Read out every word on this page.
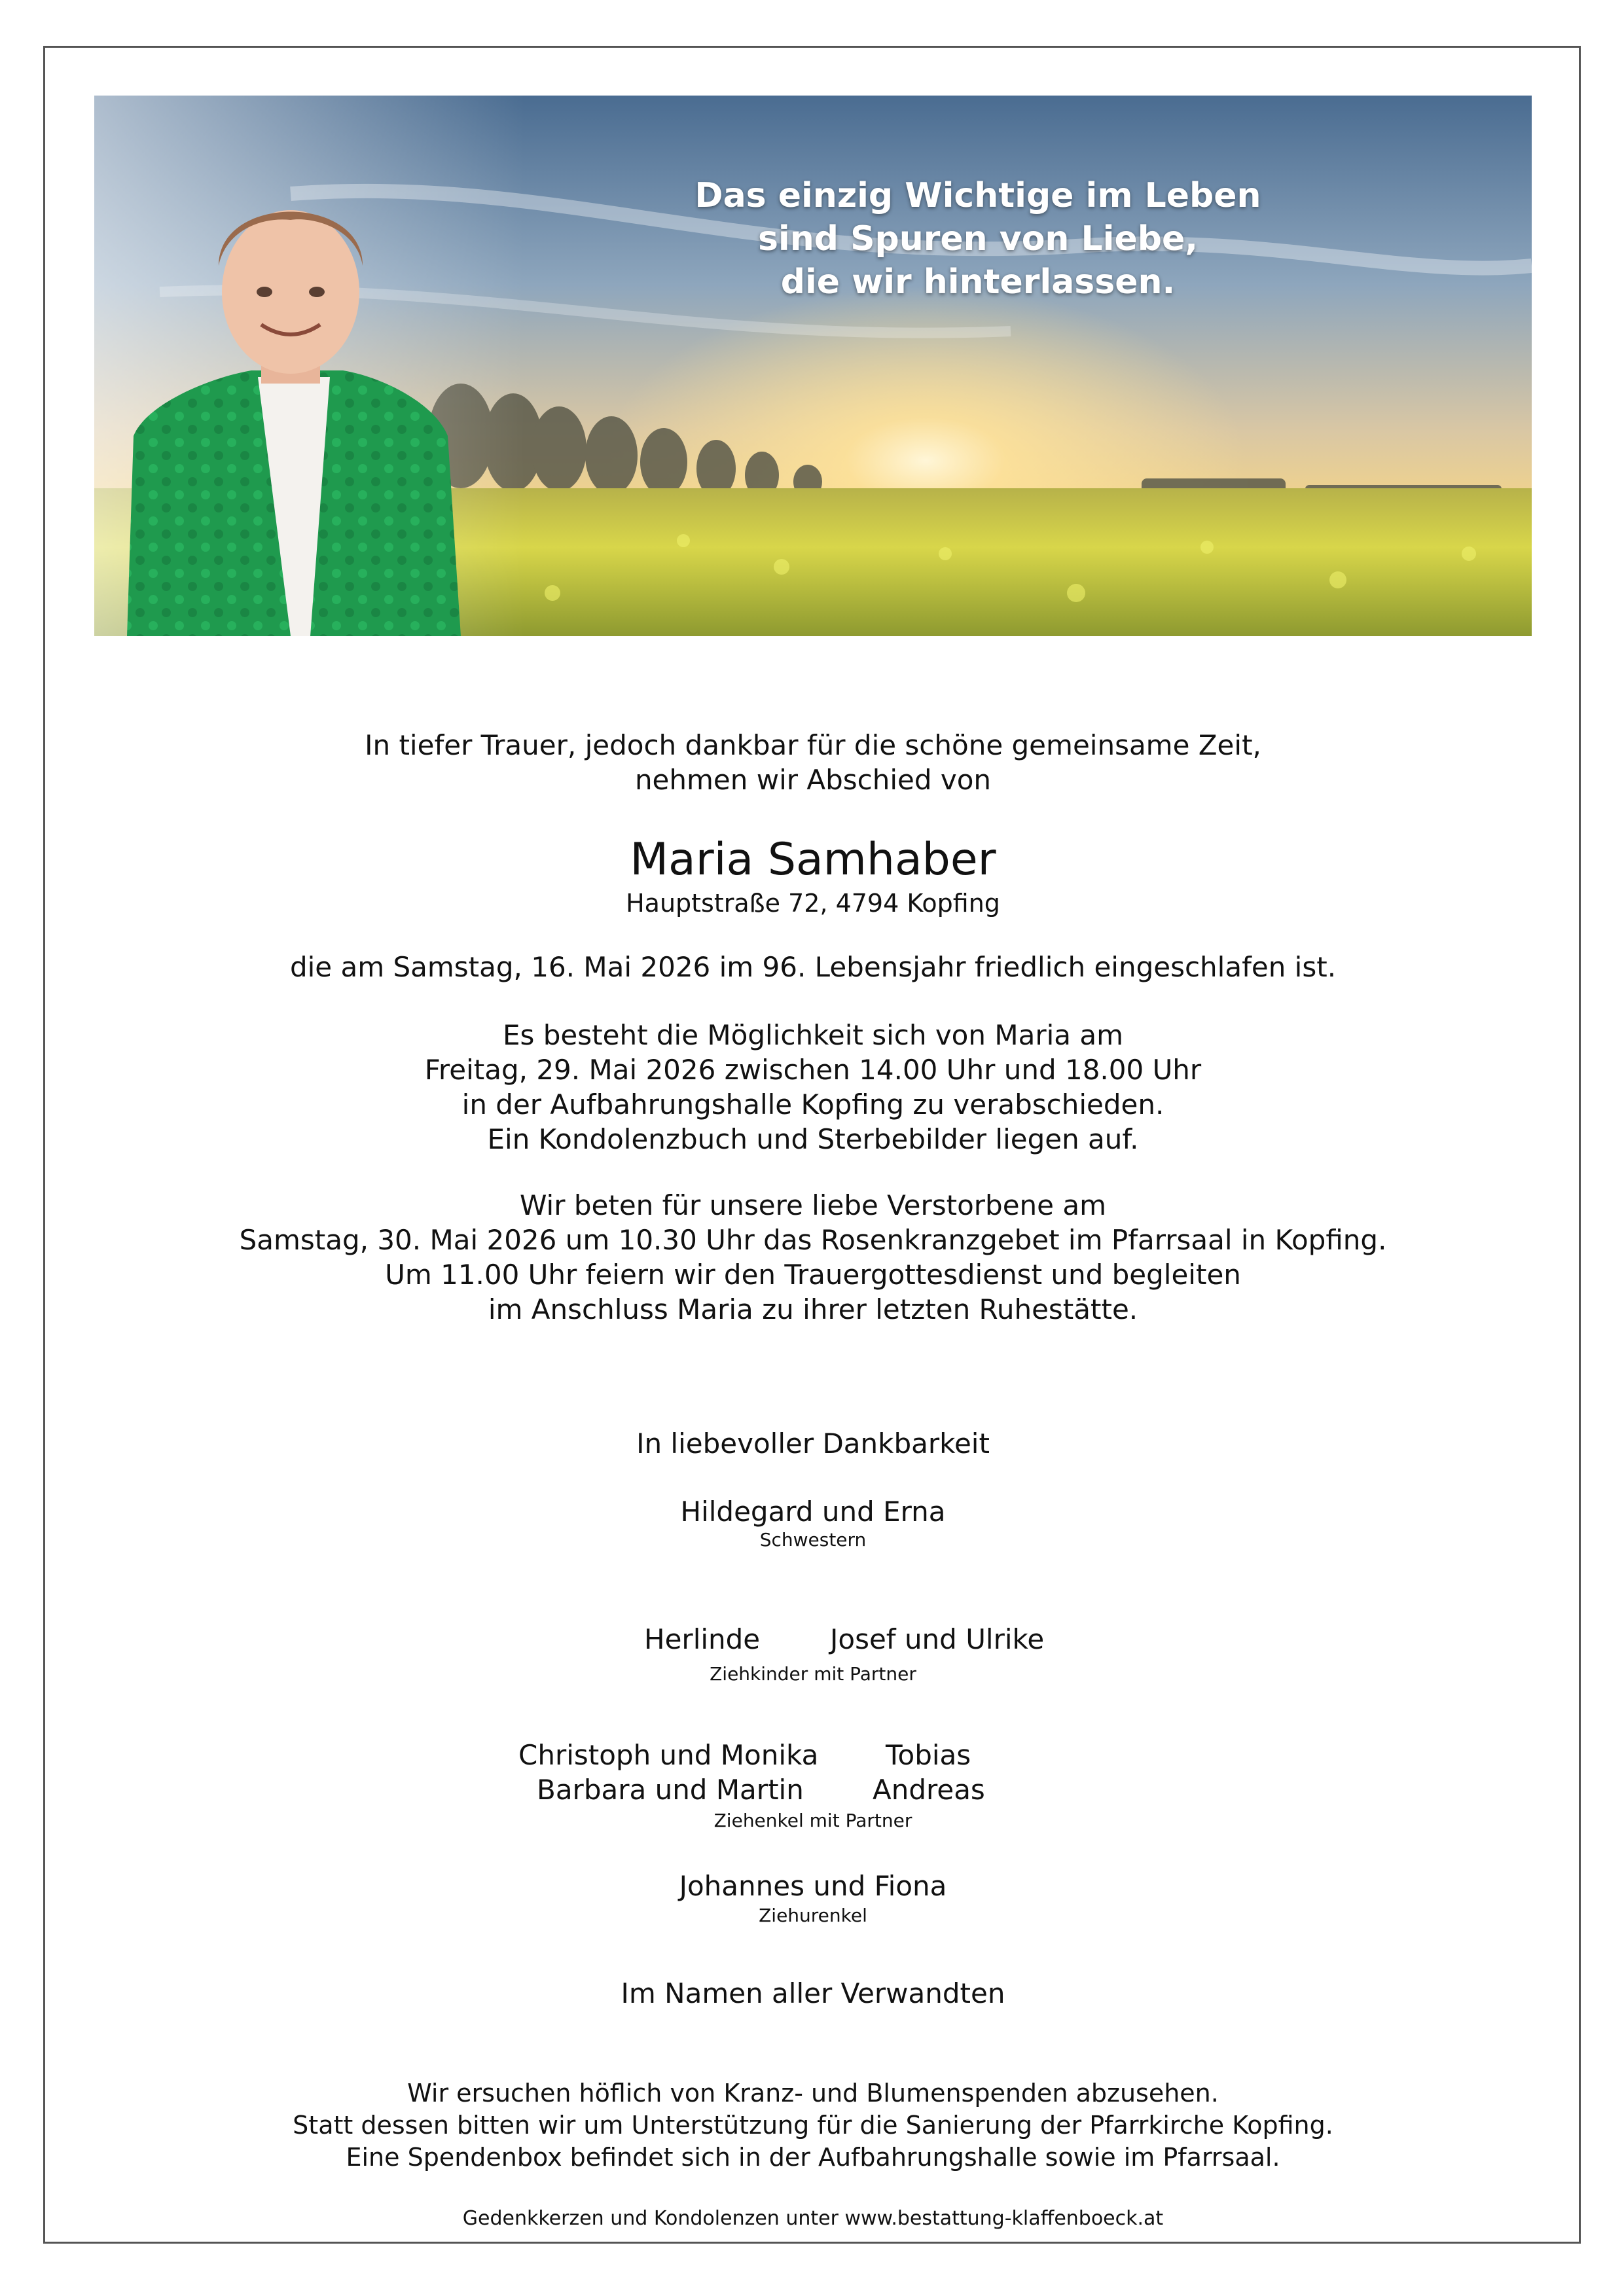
Das einzig Wichtige im Leben
sind Spuren von Liebe,
die wir hinterlassen.
In tiefer Trauer, jedoch dankbar für die schöne gemeinsame Zeit,
nehmen wir Abschied von
Maria Samhaber
Hauptstraße 72, 4794 Kopfing
die am Samstag, 16. Mai 2026 im 96. Lebensjahr friedlich eingeschlafen ist.
Es besteht die Möglichkeit sich von Maria am
Freitag, 29. Mai 2026 zwischen 14.00 Uhr und 18.00 Uhr
in der Aufbahrungshalle Kopfing zu verabschieden.
Ein Kondolenzbuch und Sterbebilder liegen auf.
Wir beten für unsere liebe Verstorbene am
Samstag, 30. Mai 2026 um 10.30 Uhr das Rosenkranzgebet im Pfarrsaal in Kopfing.
Um 11.00 Uhr feiern wir den Trauergottesdienst und begleiten
im Anschluss Maria zu ihrer letzten Ruhestätte.
In liebevoller Dankbarkeit
Hildegard und Erna
Schwestern
Herlinde	Josef und Ulrike
Ziehkinder mit Partner
Christoph und Monika Tobias
Barbara und Martin	Andreas
Ziehenkel mit Partner
Johannes und Fiona
Ziehurenkel
Im Namen aller Verwandten
Wir ersuchen höflich von Kranz- und Blumenspenden abzusehen.
Statt dessen bitten wir um Unterstützung für die Sanierung der Pfarrkirche Kopfing.
Eine Spendenbox befindet sich in der Aufbahrungshalle sowie im Pfarrsaal.
Gedenkkerzen und Kondolenzen unter www.bestattung-klaffenboeck.at
